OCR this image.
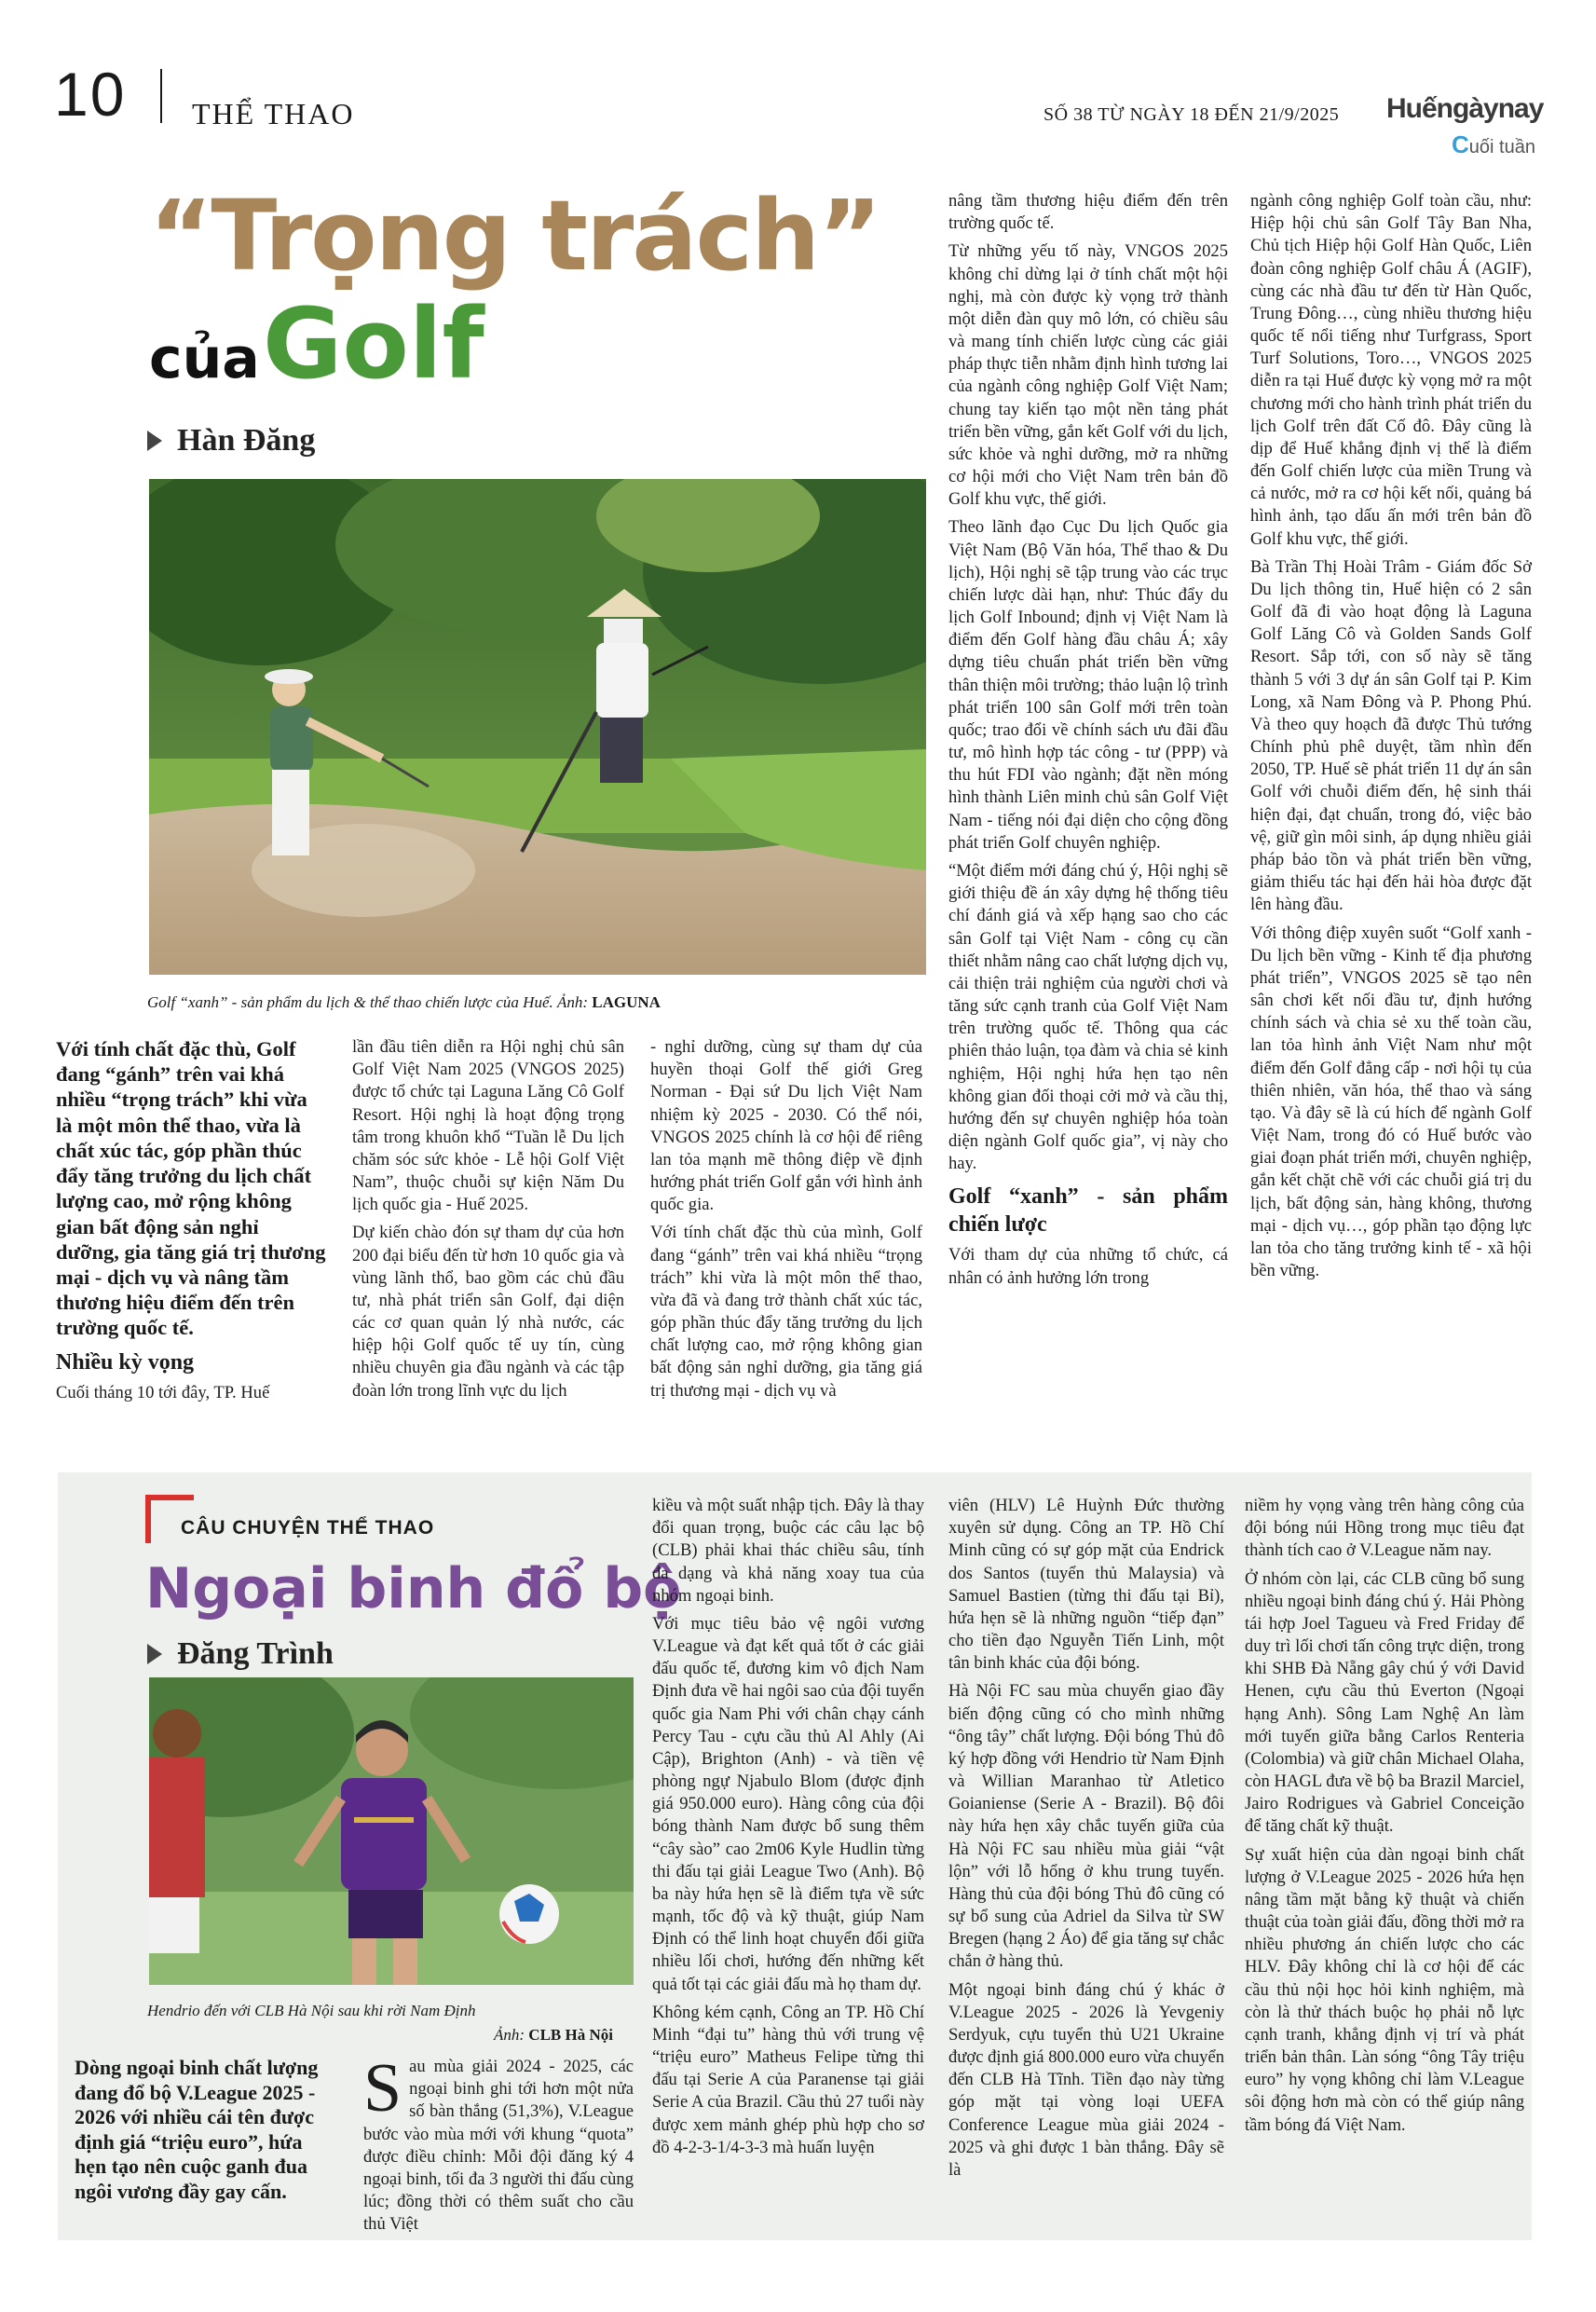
10 THỂ THAO	SỐ 38 TỪ NGÀY 18 ĐẾN 21/9/2025 Huếngàynay
Cuối tuần
“Trọng trách”
của Golf
Hàn Đăng
Golf “xanh” - sản phẩm du lịch & thể thao chiến lược của Huế. Ảnh: LAGUNA

Với tính chất đặc thù, Golf đang “gánh” trên vai khá nhiều “trọng trách” khi vừa là một môn thể thao, vừa là chất xúc tác, góp phần thúc đẩy tăng trưởng du lịch chất lượng cao, mở rộng không gian bất động sản nghỉ dưỡng, gia tăng giá trị thương mại - dịch vụ và nâng tầm thương hiệu điểm đến trên trường quốc tế.

Nhiều kỳ vọng

Cuối tháng 10 tới đây, TP. Huế

lần đầu tiên diễn ra Hội nghị chủ sân Golf Việt Nam 2025 (VNGOS 2025) được tổ chức tại Laguna Lăng Cô Golf Resort. Hội nghị là hoạt động trọng tâm trong khuôn khổ “Tuần lễ Du lịch chăm sóc sức khỏe - Lễ hội Golf Việt Nam”, thuộc chuỗi sự kiện Năm Du lịch quốc gia - Huế 2025.

Dự kiến chào đón sự tham dự của hơn 200 đại biểu đến từ hơn 10 quốc gia và vùng lãnh thổ, bao gồm các chủ đầu tư, nhà phát triển sân Golf, đại diện các cơ quan quản lý nhà nước, các hiệp hội Golf quốc tế uy tín, cùng nhiều chuyên gia đầu ngành và các tập đoàn lớn trong lĩnh vực du lịch

- nghỉ dưỡng, cùng sự tham dự của huyền thoại Golf thế giới Greg Norman - Đại sứ Du lịch Việt Nam nhiệm kỳ 2025 - 2030. Có thể nói, VNGOS 2025 chính là cơ hội để riêng lan tỏa mạnh mẽ thông điệp về định hướng phát triển Golf gắn với hình ảnh quốc gia.

Với tính chất đặc thù của mình, Golf đang “gánh” trên vai khá nhiều “trọng trách” khi vừa là một môn thể thao, vừa đã và đang trở thành chất xúc tác, góp phần thúc đẩy tăng trưởng du lịch chất lượng cao, mở rộng không gian bất động sản nghỉ dưỡng, gia tăng giá trị thương mại - dịch vụ và

nâng tầm thương hiệu điểm đến trên trường quốc tế.

Từ những yếu tố này, VNGOS 2025 không chỉ dừng lại ở tính chất một hội nghị, mà còn được kỳ vọng trở thành một diễn đàn quy mô lớn, có chiều sâu và mang tính chiến lược cùng các giải pháp thực tiễn nhằm định hình tương lai của ngành công nghiệp Golf Việt Nam; chung tay kiến tạo một nền tảng phát triển bền vững, gắn kết Golf với du lịch, sức khỏe và nghỉ dưỡng, mở ra những cơ hội mới cho Việt Nam trên bản đồ Golf khu vực, thế giới.

Theo lãnh đạo Cục Du lịch Quốc gia Việt Nam (Bộ Văn hóa, Thể thao & Du lịch), Hội nghị sẽ tập trung vào các trục chiến lược dài hạn, như: Thúc đẩy du lịch Golf Inbound; định vị Việt Nam là điểm đến Golf hàng đầu châu Á; xây dựng tiêu chuẩn phát triển bền vững thân thiện môi trường; thảo luận lộ trình phát triển 100 sân Golf mới trên toàn quốc; trao đổi về chính sách ưu đãi đầu tư, mô hình hợp tác công - tư (PPP) và thu hút FDI vào ngành; đặt nền móng hình thành Liên minh chủ sân Golf Việt Nam - tiếng nói đại diện cho cộng đồng phát triển Golf chuyên nghiệp.

“Một điểm mới đáng chú ý, Hội nghị sẽ giới thiệu đề án xây dựng hệ thống tiêu chí đánh giá và xếp hạng sao cho các sân Golf tại Việt Nam - công cụ cần thiết nhằm nâng cao chất lượng dịch vụ, cải thiện trải nghiệm của người chơi và tăng sức cạnh tranh của Golf Việt Nam trên trường quốc tế. Thông qua các phiên thảo luận, tọa đàm và chia sẻ kinh nghiệm, Hội nghị hứa hẹn tạo nên không gian đối thoại cởi mở và cầu thị, hướng đến sự chuyên nghiệp hóa toàn diện ngành Golf quốc gia”, vị này cho hay.

Golf “xanh” - sản phẩm chiến lược

Với tham dự của những tổ chức, cá nhân có ảnh hưởng lớn trong

ngành công nghiệp Golf toàn cầu, như: Hiệp hội chủ sân Golf Tây Ban Nha, Chủ tịch Hiệp hội Golf Hàn Quốc, Liên đoàn công nghiệp Golf châu Á (AGIF), cùng các nhà đầu tư đến từ Hàn Quốc, Trung Đông…, cùng nhiều thương hiệu quốc tế nổi tiếng như Turfgrass, Sport Turf Solutions, Toro…, VNGOS 2025 diễn ra tại Huế được kỳ vọng mở ra một chương mới cho hành trình phát triển du lịch Golf trên đất Cố đô. Đây cũng là dịp để Huế khẳng định vị thế là điểm đến Golf chiến lược của miền Trung và cả nước, mở ra cơ hội kết nối, quảng bá hình ảnh, tạo dấu ấn mới trên bản đồ Golf khu vực, thế giới.

Bà Trần Thị Hoài Trâm - Giám đốc Sở Du lịch thông tin, Huế hiện có 2 sân Golf đã đi vào hoạt động là Laguna Golf Lăng Cô và Golden Sands Golf Resort. Sắp tới, con số này sẽ tăng thành 5 với 3 dự án sân Golf tại P. Kim Long, xã Nam Đông và P. Phong Phú. Và theo quy hoạch đã được Thủ tướng Chính phủ phê duyệt, tầm nhìn đến 2050, TP. Huế sẽ phát triển 11 dự án sân Golf với chuỗi điểm đến, hệ sinh thái hiện đại, đạt chuẩn, trong đó, việc bảo vệ, giữ gìn môi sinh, áp dụng nhiều giải pháp bảo tồn và phát triển bền vững, giảm thiểu tác hại đến hải hòa được đặt lên hàng đầu.

Với thông điệp xuyên suốt “Golf xanh - Du lịch bền vững - Kinh tế địa phương phát triển”, VNGOS 2025 sẽ tạo nên sân chơi kết nối đầu tư, định hướng chính sách và chia sẻ xu thế toàn cầu, lan tỏa hình ảnh Việt Nam như một điểm đến Golf đẳng cấp - nơi hội tụ của thiên nhiên, văn hóa, thể thao và sáng tạo. Và đây sẽ là cú hích để ngành Golf Việt Nam, trong đó có Huế bước vào giai đoạn phát triển mới, chuyên nghiệp, gắn kết chặt chẽ với các chuỗi giá trị du lịch, bất động sản, hàng không, thương mại - dịch vụ…, góp phần tạo động lực lan tỏa cho tăng trưởng kinh tế - xã hội bền vững.

CÂU CHUYỆN THỂ THAO
Ngoại binh đổ bộ
Đăng Trình
Hendrio đến với CLB Hà Nội sau khi rời Nam Định
Ảnh: CLB Hà Nội

Dòng ngoại binh chất lượng đang đổ bộ V.League 2025 - 2026 với nhiều cái tên được định giá “triệu euro”, hứa hẹn tạo nên cuộc ganh đua ngôi vương đầy gay cấn.

Sau mùa giải 2024 - 2025, các ngoại binh ghi tới hơn một nửa số bàn thắng (51,3%), V.League bước vào mùa mới với khung “quota” được điều chỉnh: Mỗi đội đăng ký 4 ngoại binh, tối đa 3 người thi đấu cùng lúc; đồng thời có thêm suất cho cầu thủ Việt

kiều và một suất nhập tịch. Đây là thay đổi quan trọng, buộc các câu lạc bộ (CLB) phải khai thác chiều sâu, tính đa dạng và khả năng xoay tua của nhóm ngoại binh.

Với mục tiêu bảo vệ ngôi vương V.League và đạt kết quả tốt ở các giải đấu quốc tế, đương kim vô địch Nam Định đưa về hai ngôi sao của đội tuyển quốc gia Nam Phi với chân chạy cánh Percy Tau - cựu cầu thủ Al Ahly (Ai Cập), Brighton (Anh) - và tiền vệ phòng ngự Njabulo Blom (được định giá 950.000 euro). Hàng công của đội bóng thành Nam được bổ sung thêm “cây sào” cao 2m06 Kyle Hudlin từng thi đấu tại giải League Two (Anh). Bộ ba này hứa hẹn sẽ là điểm tựa về sức mạnh, tốc độ và kỹ thuật, giúp Nam Định có thể linh hoạt chuyển đổi giữa nhiều lối chơi, hướng đến những kết quả tốt tại các giải đấu mà họ tham dự.

Không kém cạnh, Công an TP. Hồ Chí Minh “đại tu” hàng thủ với trung vệ “triệu euro” Matheus Felipe từng thi đấu tại Serie A của Paranense tại giải Serie A của Brazil. Cầu thủ 27 tuổi này được xem mảnh ghép phù hợp cho sơ đồ 4-2-3-1/4-3-3 mà huấn luyện

viên (HLV) Lê Huỳnh Đức thường xuyên sử dụng. Công an TP. Hồ Chí Minh cũng có sự góp mặt của Endrick dos Santos (tuyển thủ Malaysia) và Samuel Bastien (từng thi đấu tại Bỉ), hứa hẹn sẽ là những nguồn “tiếp đạn” cho tiền đạo Nguyễn Tiến Linh, một tân binh khác của đội bóng.

Hà Nội FC sau mùa chuyển giao đầy biến động cũng có cho mình những “ông tây” chất lượng. Đội bóng Thủ đô ký hợp đồng với Hendrio từ Nam Định và Willian Maranhao từ Atletico Goianiense (Serie A - Brazil). Bộ đôi này hứa hẹn xây chắc tuyến giữa của Hà Nội FC sau nhiều mùa giải “vật lộn” với lỗ hổng ở khu trung tuyến. Hàng thủ của đội bóng Thủ đô cũng có sự bổ sung của Adriel da Silva từ SW Bregen (hạng 2 Áo) để gia tăng sự chắc chắn ở hàng thủ.

Một ngoại binh đáng chú ý khác ở V.League 2025 - 2026 là Yevgeniy Serdyuk, cựu tuyển thủ U21 Ukraine được định giá 800.000 euro vừa chuyển đến CLB Hà Tĩnh. Tiền đạo này từng góp mặt tại vòng loại UEFA Conference League mùa giải 2024 - 2025 và ghi được 1 bàn thắng. Đây sẽ là

niềm hy vọng vàng trên hàng công của đội bóng núi Hồng trong mục tiêu đạt thành tích cao ở V.League năm nay.

Ở nhóm còn lại, các CLB cũng bổ sung nhiều ngoại binh đáng chú ý. Hải Phòng tái hợp Joel Tagueu và Fred Friday để duy trì lối chơi tấn công trực diện, trong khi SHB Đà Nẵng gây chú ý với David Henen, cựu cầu thủ Everton (Ngoại hạng Anh). Sông Lam Nghệ An làm mới tuyến giữa bằng Carlos Renteria (Colombia) và giữ chân Michael Olaha, còn HAGL đưa về bộ ba Brazil Marciel, Jairo Rodrigues và Gabriel Conceição để tăng chất kỹ thuật.

Sự xuất hiện của dàn ngoại binh chất lượng ở V.League 2025 - 2026 hứa hẹn nâng tầm mặt bằng kỹ thuật và chiến thuật của toàn giải đấu, đồng thời mở ra nhiều phương án chiến lược cho các HLV. Đây không chỉ là cơ hội để các cầu thủ nội học hỏi kinh nghiệm, mà còn là thử thách buộc họ phải nỗ lực cạnh tranh, khẳng định vị trí và phát triển bản thân. Làn sóng “ông Tây triệu euro” hy vọng không chỉ làm V.League sôi động hơn mà còn có thể giúp nâng tầm bóng đá Việt Nam.
